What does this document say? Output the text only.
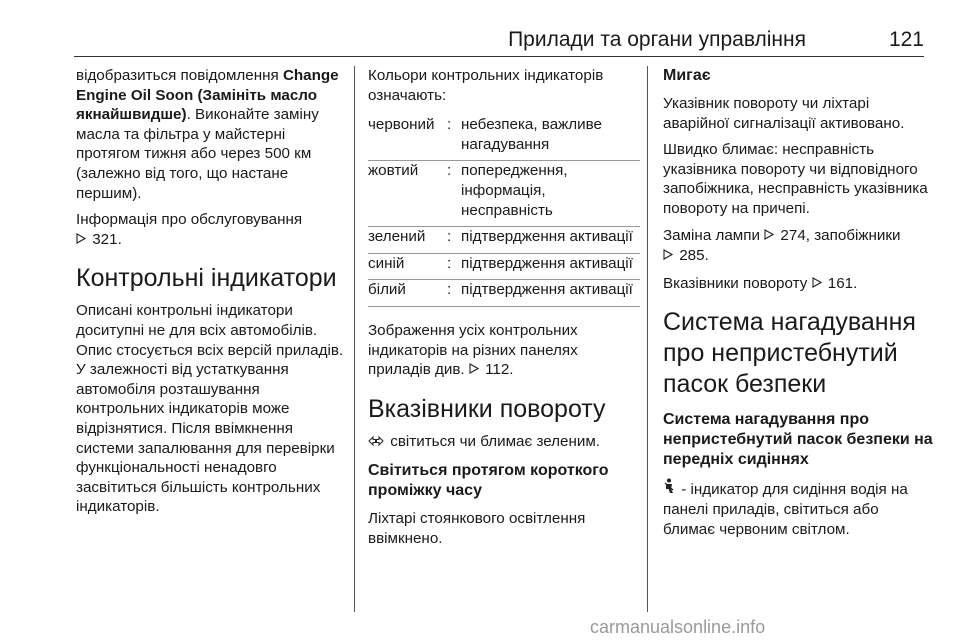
Прилади та органи управління	121

відобразиться повідомлення Change Engine Oil Soon (Замініть масло якнайшвидше). Виконайте заміну масла та фільтра у майстерні протягом тижня або через 500 км (залежно від того, що настане першим).

Інформація про обслуговування
321.

Контрольні індикатори

Описані контрольні індикатори доситупні не для всіх автомобілів. Опис стосується всіх версій приладів. У залежності від устаткування автомобіля розташування контрольних індикаторів може відрізнятися. Після ввімкнення системи запалювання для перевірки функціональності ненадовго засвітиться більшість контрольних індикаторів.

Кольори контрольних індикаторів означають:

червоний	:	небезпека, важливе нагадування
жовтий	:	попередження, інформація, несправність
зелений	:	підтвердження активації
синій	:	підтвердження активації
білий	:	підтвердження активації

Зображення усіх контрольних індикаторів на різних панелях приладів див. 112.

Вказівники повороту

світиться чи блимає зеленим.

Світиться протягом короткого проміжку часу

Ліхтарі стоянкового освітлення ввімкнено.

Мигає

Указівник повороту чи ліхтарі аварійної сигналізації активовано.

Швидко блимає: несправність указівника повороту чи відповідного запобіжника, несправність указівника повороту на причепі.

Заміна лампи 274, запобіжники
285.

Вказівники повороту 161.

Система нагадування про непристебнутий пасок безпеки
Система нагадування про непристебнутий пасок безпеки на передніх сидіннях

- індикатор для сидіння водія на панелі приладів, світиться або блимає червоним світлом.

carmanualsonline.info
